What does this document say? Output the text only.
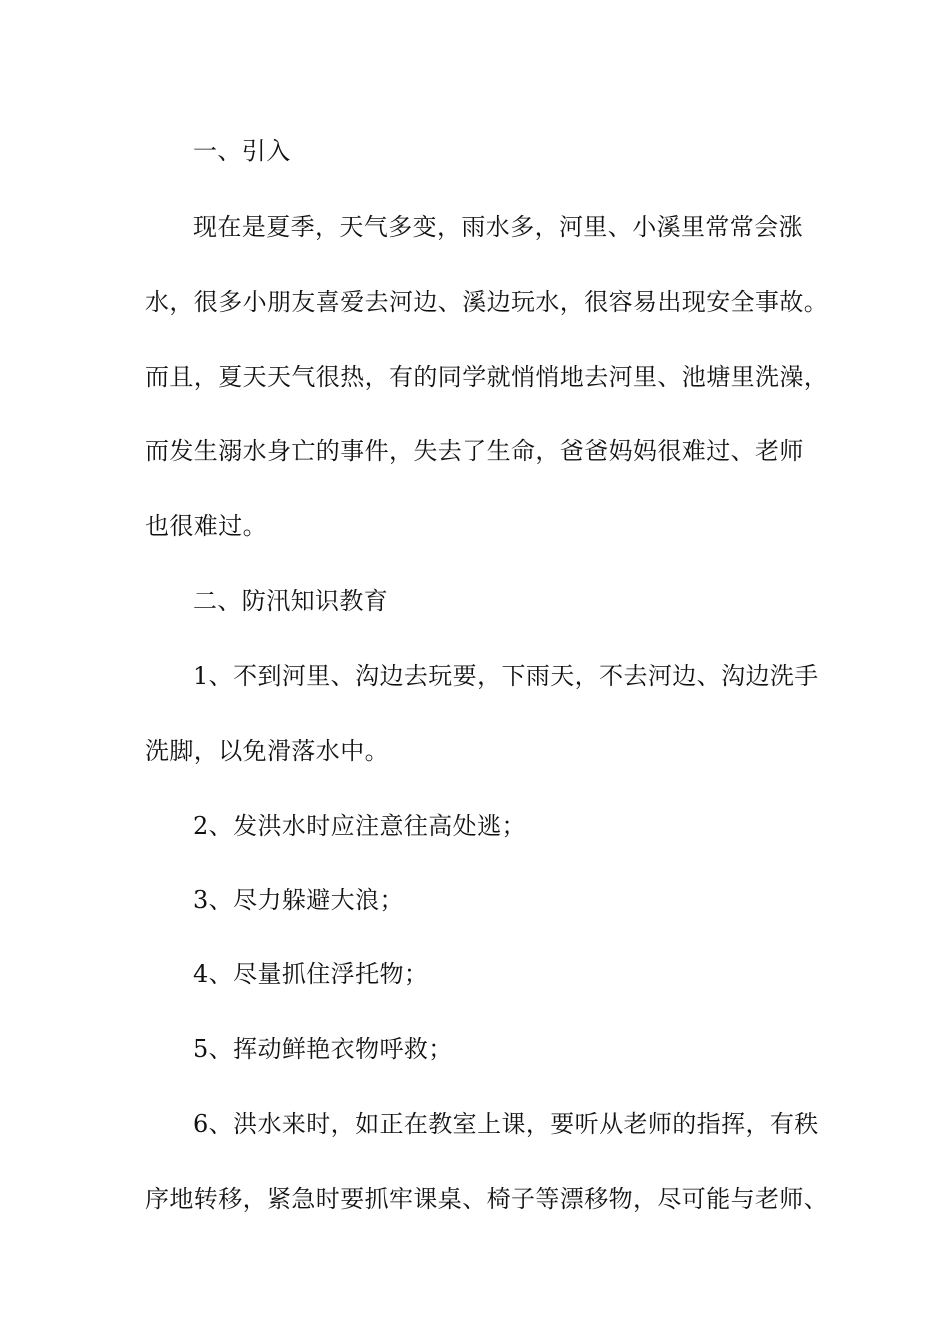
一、引入
现在是夏季，天气多变，雨水多，河里、小溪里常常会涨
水，很多小朋友喜爱去河边、溪边玩水，很容易出现安全事故。
而且，夏天天气很热，有的同学就悄悄地去河里、池塘里洗澡，
而发生溺水身亡的事件，失去了生命，爸爸妈妈很难过、老师
也很难过。
二、防汛知识教育
1、不到河里、沟边去玩要，下雨天，不去河边、沟边洗手
洗脚，以免滑落水中。
2、发洪水时应注意往高处逃；
3、尽力躲避大浪；
4、尽量抓住浮托物；
5、挥动鲜艳衣物呼救；
6、洪水来时，如正在教室上课，要听从老师的指挥，有秩
序地转移，紧急时要抓牢课桌、椅子等漂移物，尽可能与老师、
